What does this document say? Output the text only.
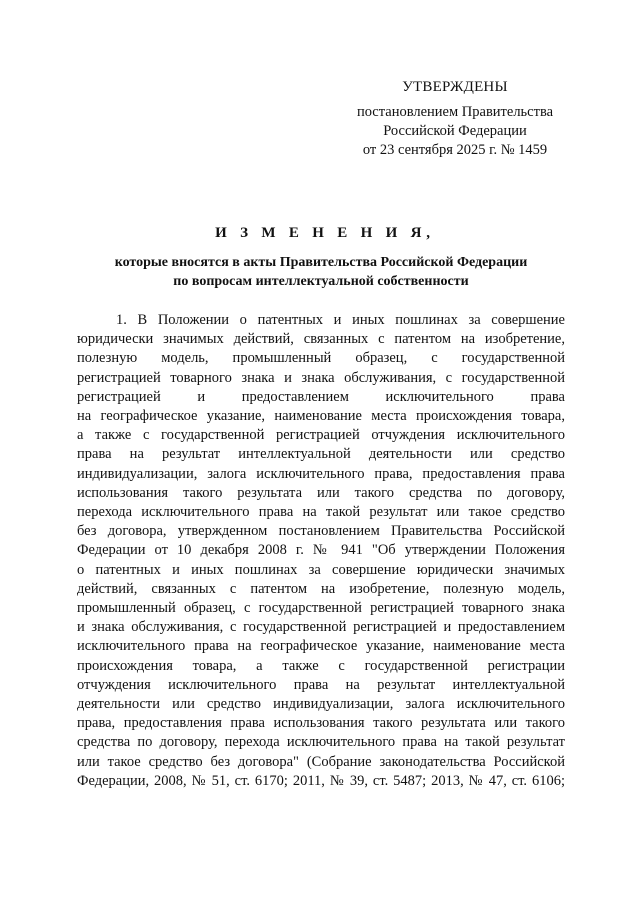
УТВЕРЖДЕНЫ
постановлением Правительства
Российской Федерации
от 23 сентября 2025 г. № 1459
И З М Е Н Е Н И Я,
которые вносятся в акты Правительства Российской Федерации
по вопросам интеллектуальной собственности
1. В Положении о патентных и иных пошлинах за совершение
юридически значимых действий, связанных с патентом на изобретение,
полезную модель, промышленный образец, с государственной
регистрацией товарного знака и знака обслуживания, с государственной
регистрацией и предоставлением исключительного права
на географическое указание, наименование места происхождения товара,
а также с государственной регистрацией отчуждения исключительного
права на результат интеллектуальной деятельности или средство
индивидуализации, залога исключительного права, предоставления права
использования такого результата или такого средства по договору,
перехода исключительного права на такой результат или такое средство
без договора, утвержденном постановлением Правительства Российской
Федерации от 10 декабря 2008 г. № 941 "Об утверждении Положения
о патентных и иных пошлинах за совершение юридически значимых
действий, связанных с патентом на изобретение, полезную модель,
промышленный образец, с государственной регистрацией товарного знака
и знака обслуживания, с государственной регистрацией и предоставлением
исключительного права на географическое указание, наименование места
происхождения товара, а также с государственной регистрации
отчуждения исключительного права на результат интеллектуальной
деятельности или средство индивидуализации, залога исключительного
права, предоставления права использования такого результата или такого
средства по договору, перехода исключительного права на такой результат
или такое средство без договора" (Собрание законодательства Российской
Федерации, 2008, № 51, ст. 6170; 2011, № 39, ст. 5487; 2013, № 47, ст. 6106;
